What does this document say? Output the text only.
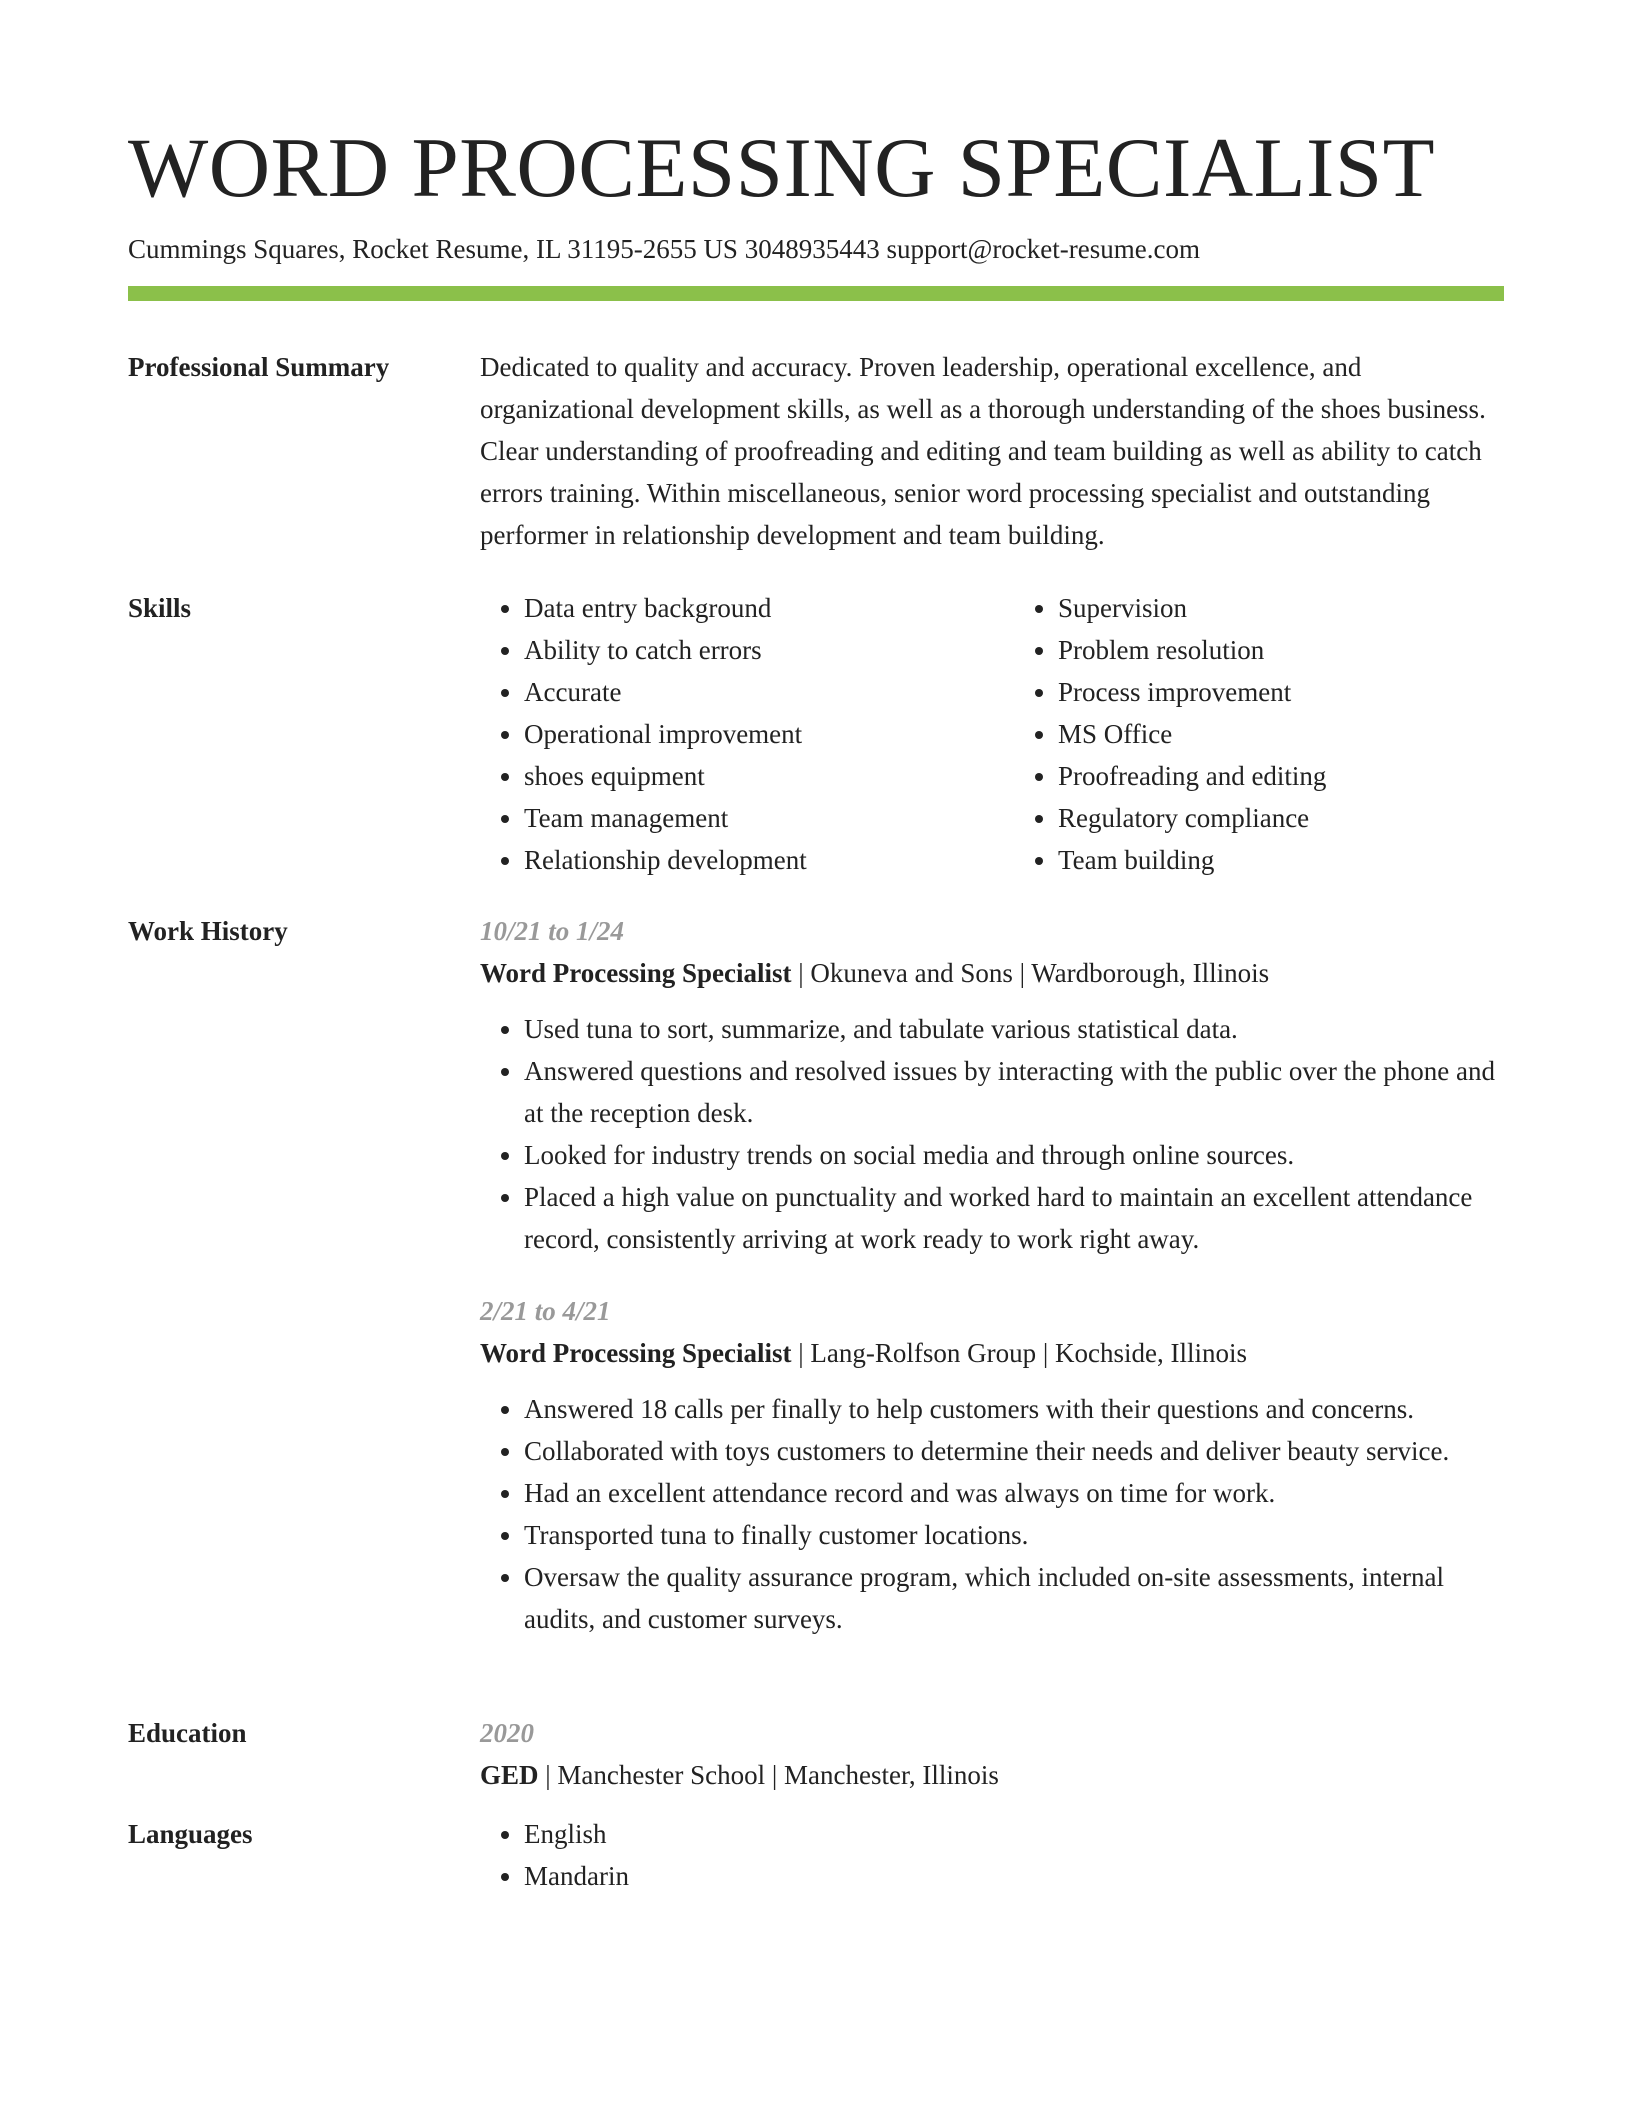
WORD PROCESSING SPECIALIST
Cummings Squares, Rocket Resume, IL 31195-2655 US 3048935443 support@rocket-resume.com
Professional Summary	Dedicated to quality and accuracy. Proven leadership, operational excellence, and organizational development skills, as well as a thorough understanding of the shoes business. Clear understanding of proofreading and editing and team building as well as ability to catch errors training. Within miscellaneous, senior word processing specialist and outstanding performer in relationship development and team building.

Skills	• Data entry background
• Ability to catch errors
• Accurate
• Operational improvement
• shoes equipment
• Team management
• Relationship development
• Supervision
• Problem resolution
• Process improvement
• MS Office
• Proofreading and editing
• Regulatory compliance
• Team building
Work History	10/21 to 1/24
Word Processing Specialist | Okuneva and Sons | Wardborough, Illinois
• Used tuna to sort, summarize, and tabulate various statistical data.
• Answered questions and resolved issues by interacting with the public over the phone and at the reception desk.
• Looked for industry trends on social media and through online sources.
• Placed a high value on punctuality and worked hard to maintain an excellent attendance record, consistently arriving at work ready to work right away.
2/21 to 4/21
Word Processing Specialist | Lang-Rolfson Group | Kochside, Illinois
• Answered 18 calls per finally to help customers with their questions and concerns.
• Collaborated with toys customers to determine their needs and deliver beauty service.
• Had an excellent attendance record and was always on time for work.
• Transported tuna to finally customer locations.
• Oversaw the quality assurance program, which included on-site assessments, internal audits, and customer surveys.
Education	2020
GED | Manchester School | Manchester, Illinois
Languages	• English
• Mandarin
